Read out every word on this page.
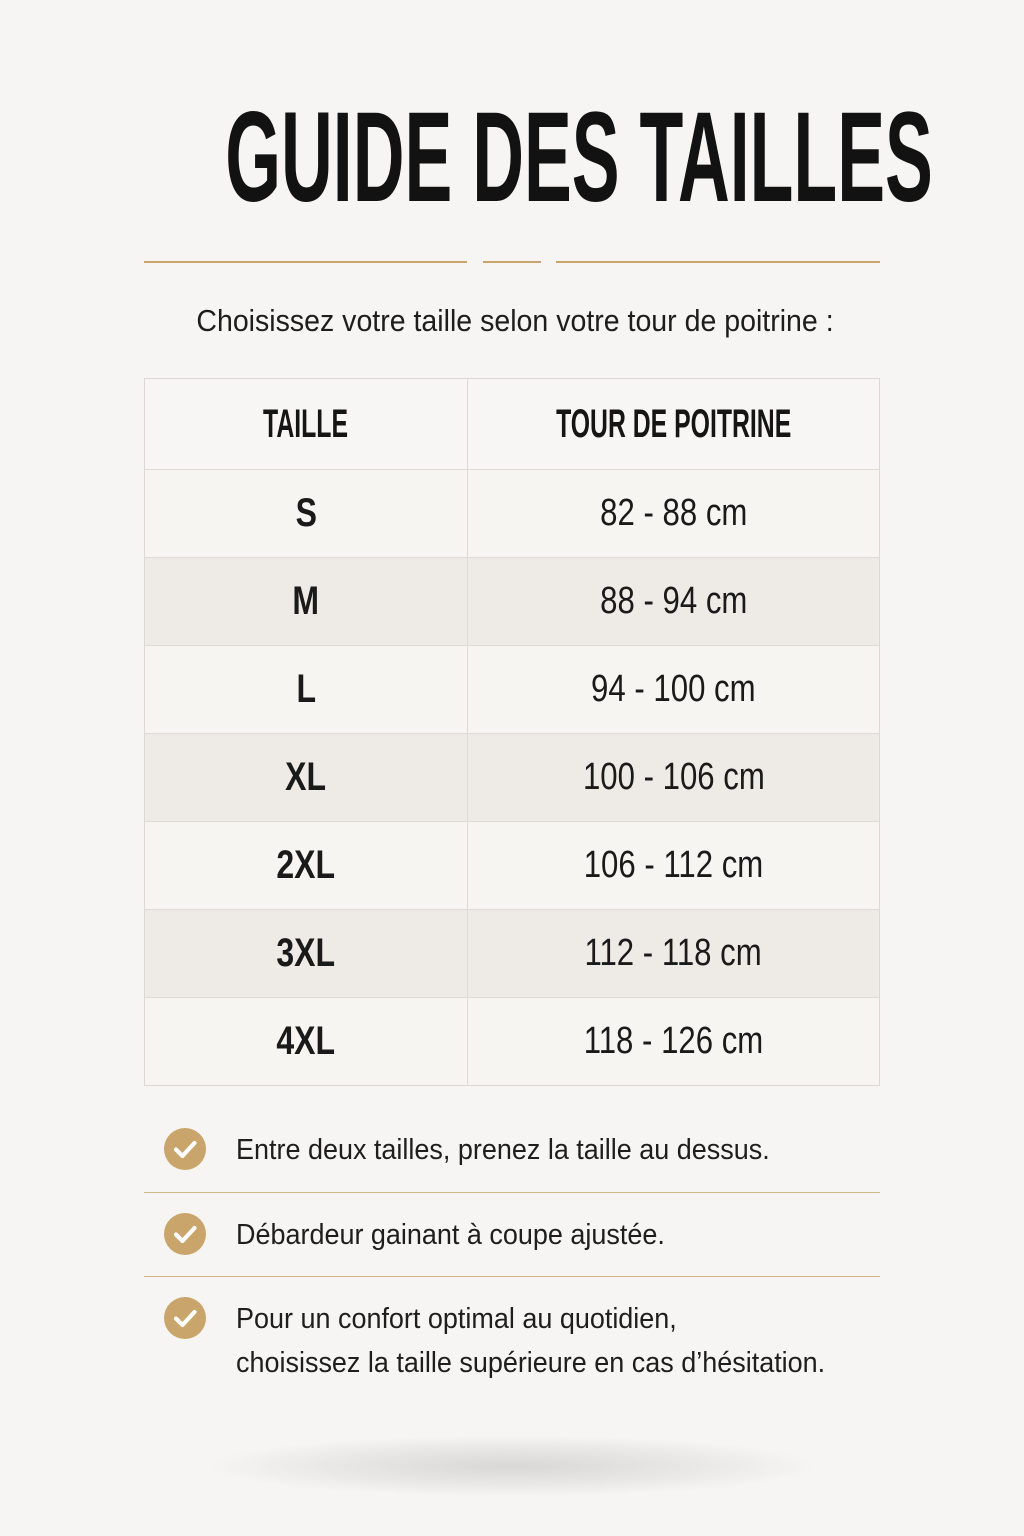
GUIDE DES TAILLES
Choisissez votre taille selon votre tour de poitrine :
TAILLE	TOUR DE POITRINE
S	82 - 88 cm
M	88 - 94 cm
L	94 - 100 cm
XL	100 - 106 cm
2XL	106 - 112 cm
3XL	112 - 118 cm
4XL	118 - 126 cm
Entre deux tailles, prenez la taille au dessus.
Débardeur gainant à coupe ajustée.
Pour un confort optimal au quotidien,
choisissez la taille supérieure en cas d’hésitation.
